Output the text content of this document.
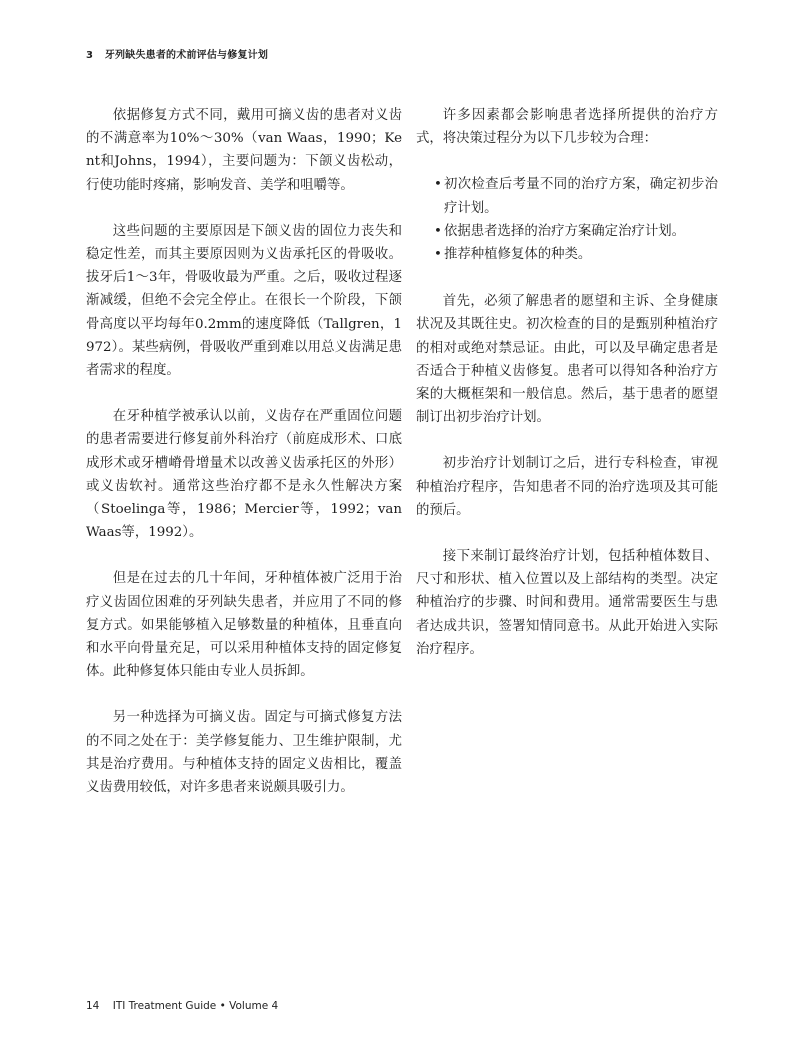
3 牙列缺失患者的术前评估与修复计划

依据修复方式不同，戴用可摘义齿的患者对义齿的不满意率为10%～30%（van Waas，1990；Kent和Johns，1994），主要问题为：下颌义齿松动，行使功能时疼痛，影响发音、美学和咀嚼等。

这些问题的主要原因是下颌义齿的固位力丧失和稳定性差，而其主要原因则为义齿承托区的骨吸收。拔牙后1～3年，骨吸收最为严重。之后，吸收过程逐渐减缓，但绝不会完全停止。在很长一个阶段，下颌骨高度以平均每年0.2mm的速度降低（Tallgren，1972）。某些病例，骨吸收严重到难以用总义齿满足患者需求的程度。

在牙种植学被承认以前，义齿存在严重固位问题的患者需要进行修复前外科治疗（前庭成形术、口底成形术或牙槽嵴骨增量术以改善义齿承托区的外形）或义齿软衬。通常这些治疗都不是永久性解决方案（Stoelinga等，1986；Mercier等，1992；van Waas等，1992）。

但是在过去的几十年间，牙种植体被广泛用于治疗义齿固位困难的牙列缺失患者，并应用了不同的修复方式。如果能够植入足够数量的种植体，且垂直向和水平向骨量充足，可以采用种植体支持的固定修复体。此种修复体只能由专业人员拆卸。

另一种选择为可摘义齿。固定与可摘式修复方法的不同之处在于：美学修复能力、卫生维护限制，尤其是治疗费用。与种植体支持的固定义齿相比，覆盖义齿费用较低，对许多患者来说颇具吸引力。

许多因素都会影响患者选择所提供的治疗方式，将决策过程分为以下几步较为合理：

• 初次检查后考量不同的治疗方案，确定初步治疗计划。
• 依据患者选择的治疗方案确定治疗计划。
• 推荐种植修复体的种类。

首先，必须了解患者的愿望和主诉、全身健康状况及其既往史。初次检查的目的是甄别种植治疗的相对或绝对禁忌证。由此，可以及早确定患者是否适合于种植义齿修复。患者可以得知各种治疗方案的大概框架和一般信息。然后，基于患者的愿望制订出初步治疗计划。

初步治疗计划制订之后，进行专科检查，审视种植治疗程序，告知患者不同的治疗选项及其可能的预后。

接下来制订最终治疗计划，包括种植体数目、尺寸和形状、植入位置以及上部结构的类型。决定种植治疗的步骤、时间和费用。通常需要医生与患者达成共识，签署知情同意书。从此开始进入实际治疗程序。

14 ITI Treatment Guide • Volume 4
